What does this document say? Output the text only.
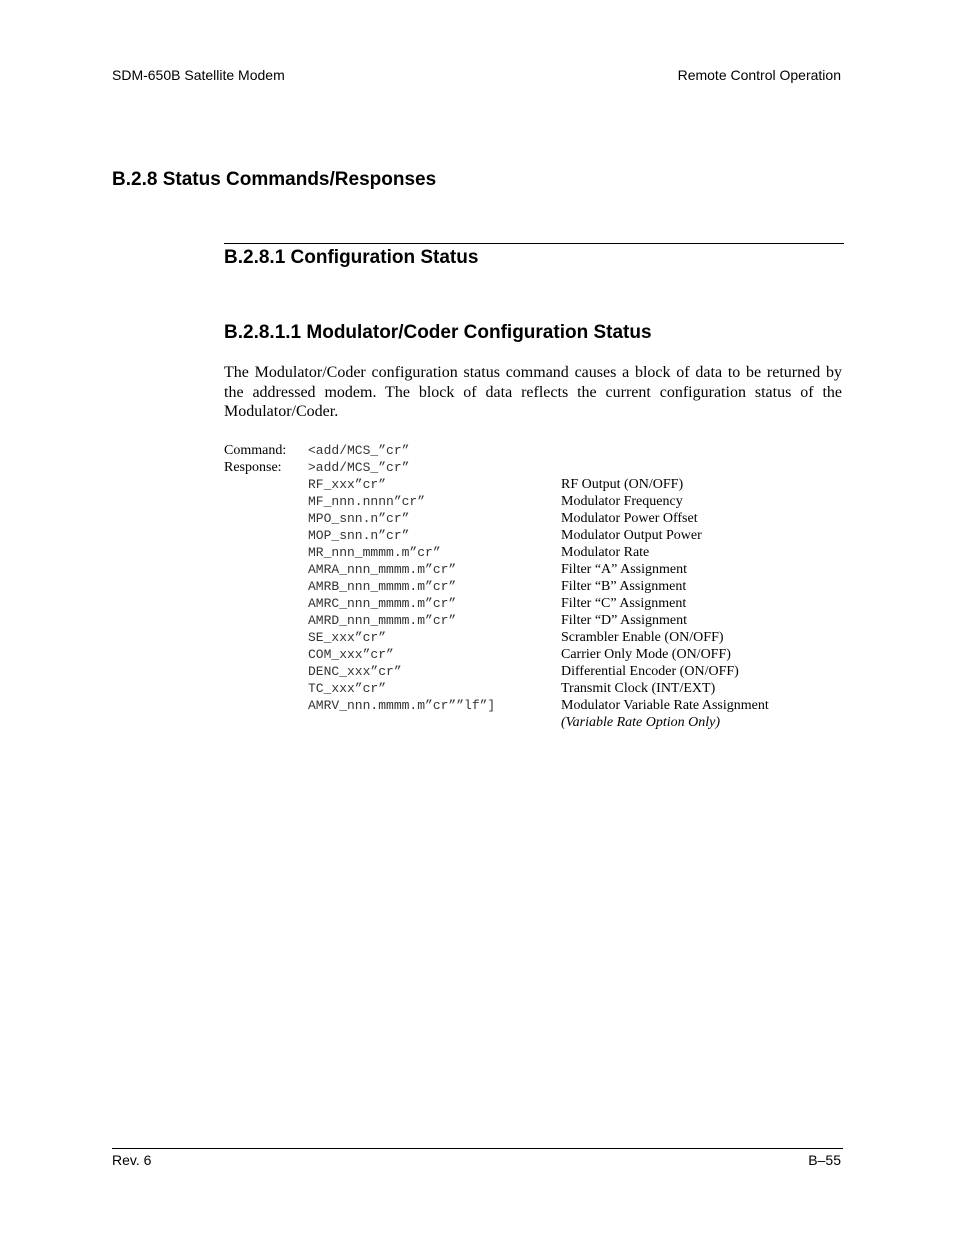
SDM-650B Satellite Modem	Remote Control Operation
B.2.8 Status Commands/Responses
B.2.8.1 Configuration Status
B.2.8.1.1 Modulator/Coder Configuration Status
The Modulator/Coder configuration status command causes a block of data to be returned by the addressed modem. The block of data reflects the current configuration status of the Modulator/Coder.
Command: <add/MCS_”cr”
Response: >add/MCS_”cr”
RF_xxx”cr”	RF Output (ON/OFF)
MF_nnn.nnnn”cr”	Modulator Frequency
MPO_snn.n”cr”	Modulator Power Offset
MOP_snn.n”cr”	Modulator Output Power
MR_nnn_mmmm.m”cr”	Modulator Rate
AMRA_nnn_mmmm.m”cr”	Filter “A” Assignment
AMRB_nnn_mmmm.m”cr”	Filter “B” Assignment
AMRC_nnn_mmmm.m”cr”	Filter “C” Assignment
AMRD_nnn_mmmm.m”cr”	Filter “D” Assignment
SE_xxx”cr”	Scrambler Enable (ON/OFF)
COM_xxx”cr”	Carrier Only Mode (ON/OFF)
DENC_xxx”cr”	Differential Encoder (ON/OFF)
TC_xxx”cr”	Transmit Clock (INT/EXT)
AMRV_nnn.mmmm.m”cr””lf”]	Modulator Variable Rate Assignment
(Variable Rate Option Only)
Rev. 6	B–55
